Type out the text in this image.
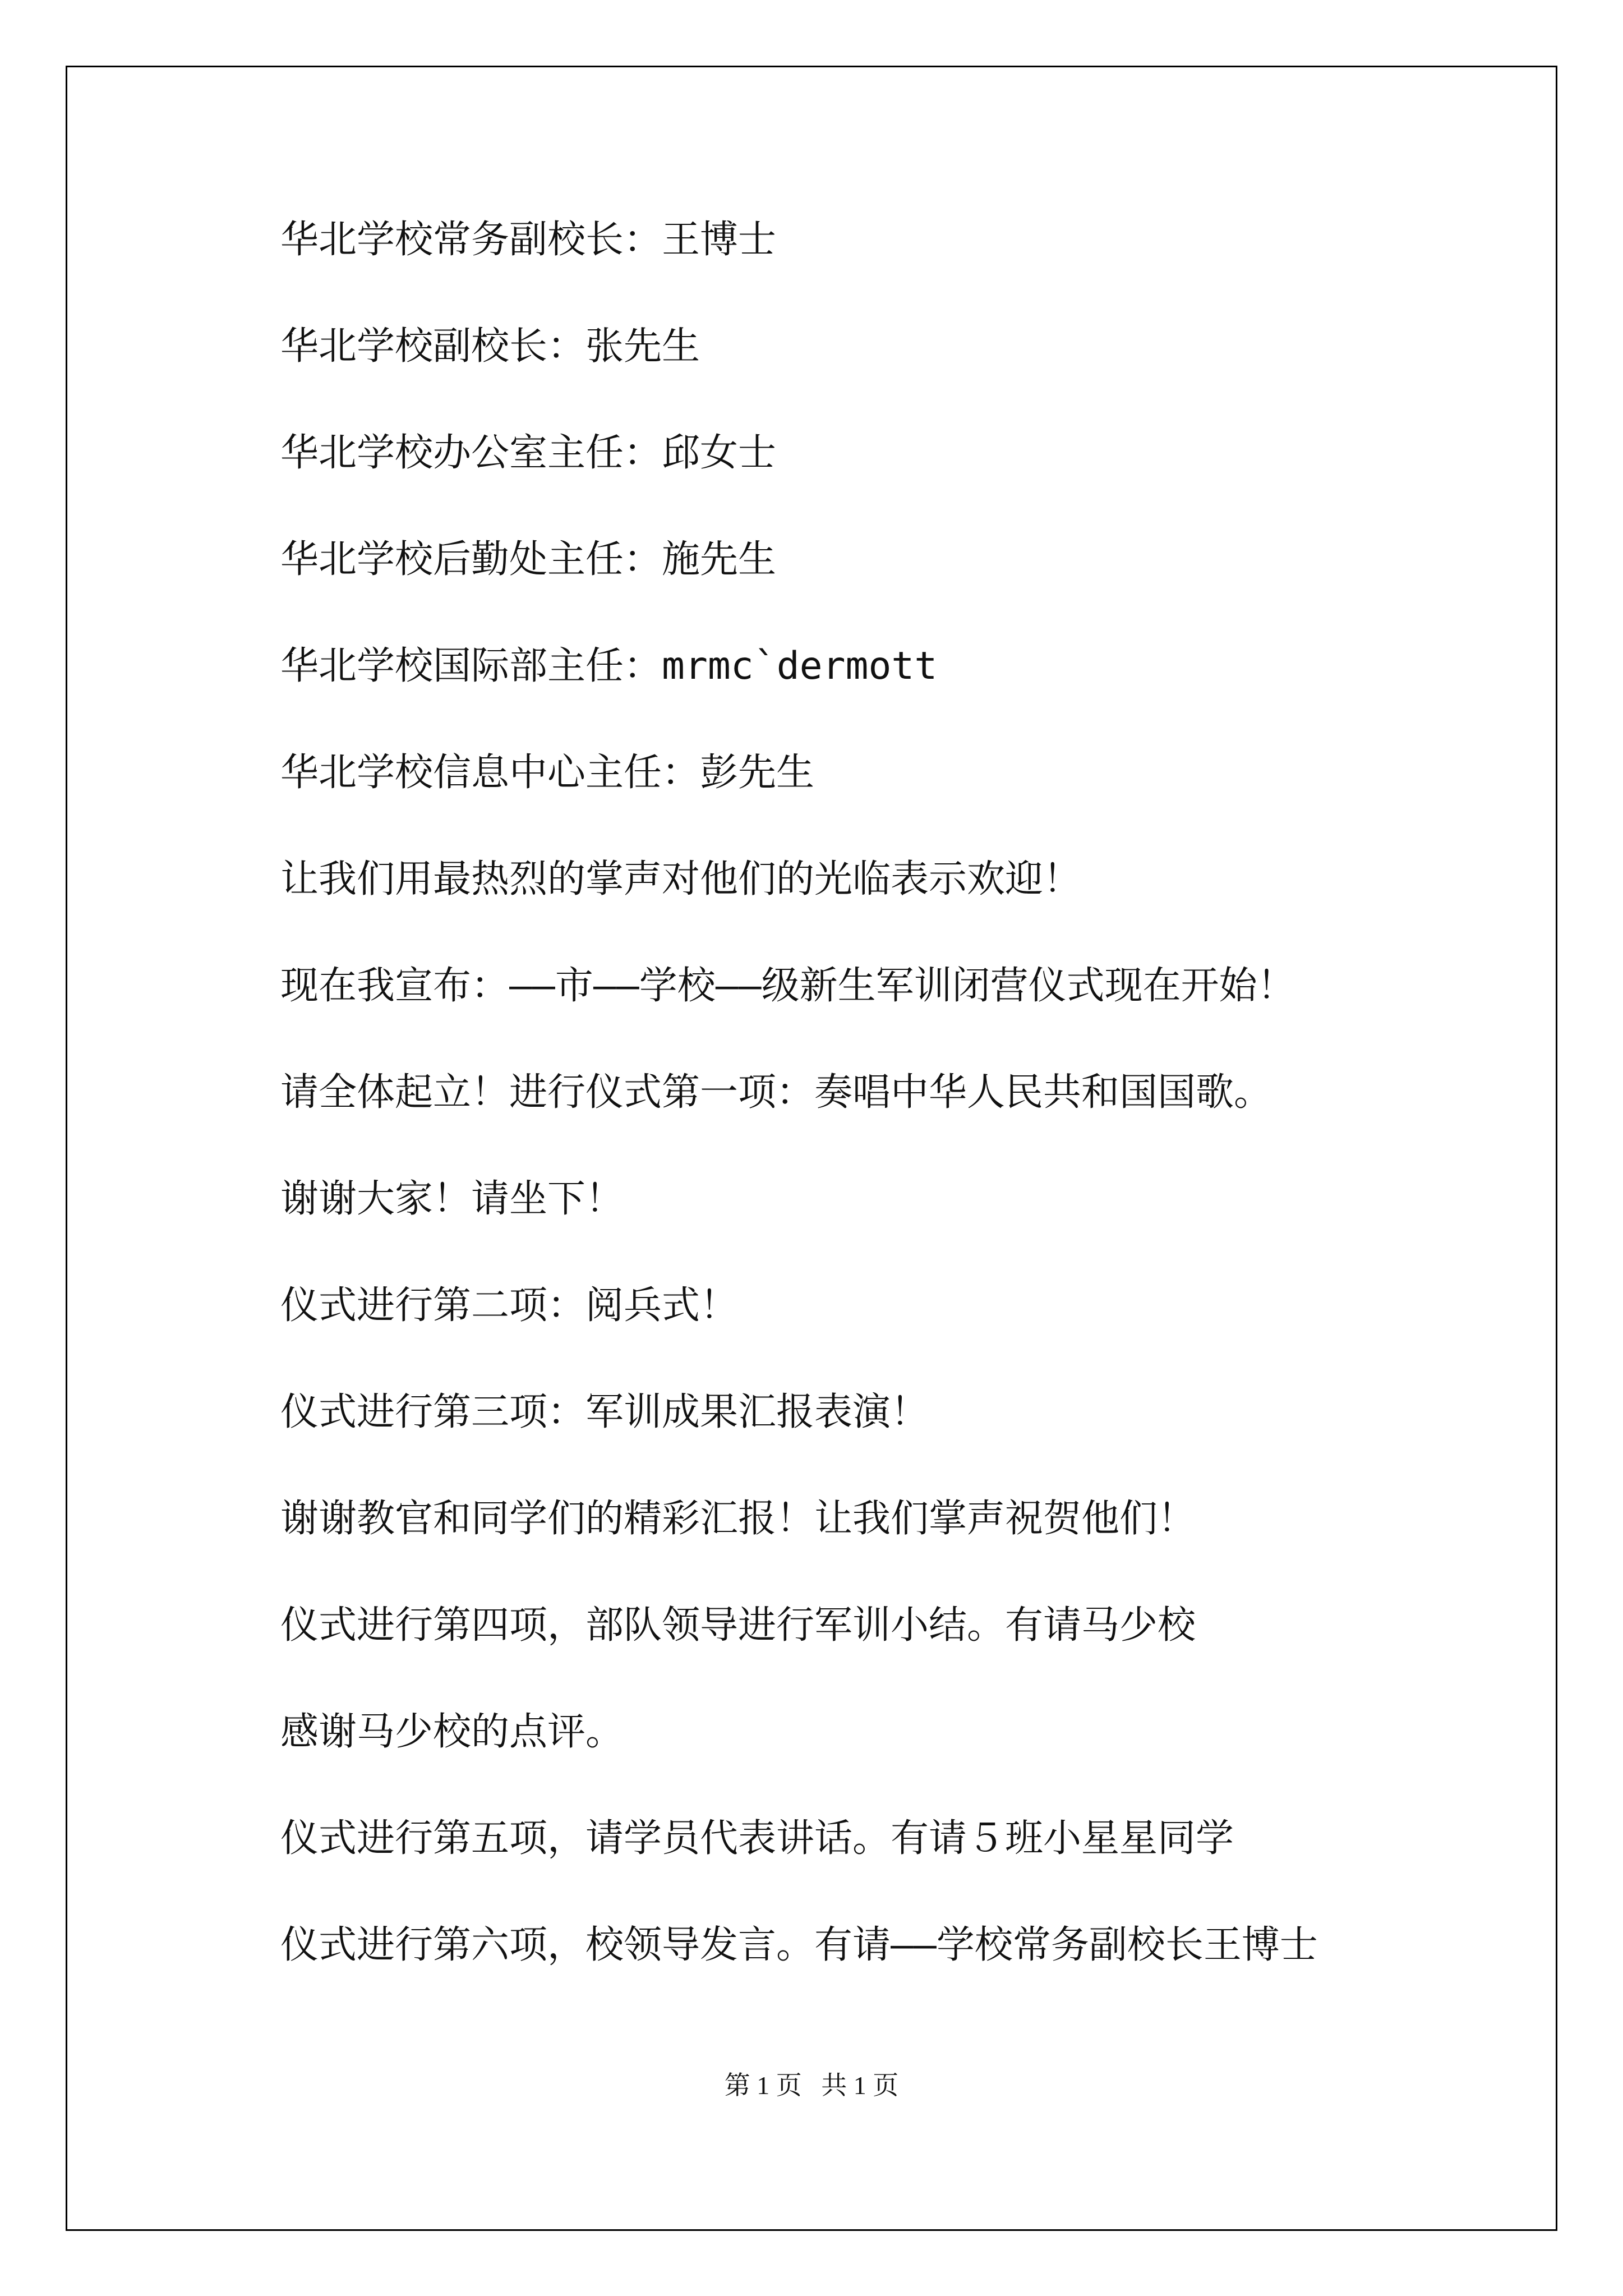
华北学校常务副校长：王博士
华北学校副校长：张先生
华北学校办公室主任：邱女士
华北学校后勤处主任：施先生
华北学校国际部主任：mrmc`dermott
华北学校信息中心主任：彭先生
让我们用最热烈的掌声对他们的光临表示欢迎！
现在我宣布：——市——学校——级新生军训闭营仪式现在开始！
请全体起立！进行仪式第一项：奏唱中华人民共和国国歌。
谢谢大家！请坐下！
仪式进行第二项：阅兵式！
仪式进行第三项：军训成果汇报表演！
谢谢教官和同学们的精彩汇报！让我们掌声祝贺他们！
仪式进行第四项，部队领导进行军训小结。有请马少校
感谢马少校的点评。
仪式进行第五项，请学员代表讲话。有请５班小星星同学
仪式进行第六项，校领导发言。有请——学校常务副校长王博士
第 1 页   共 1 页
